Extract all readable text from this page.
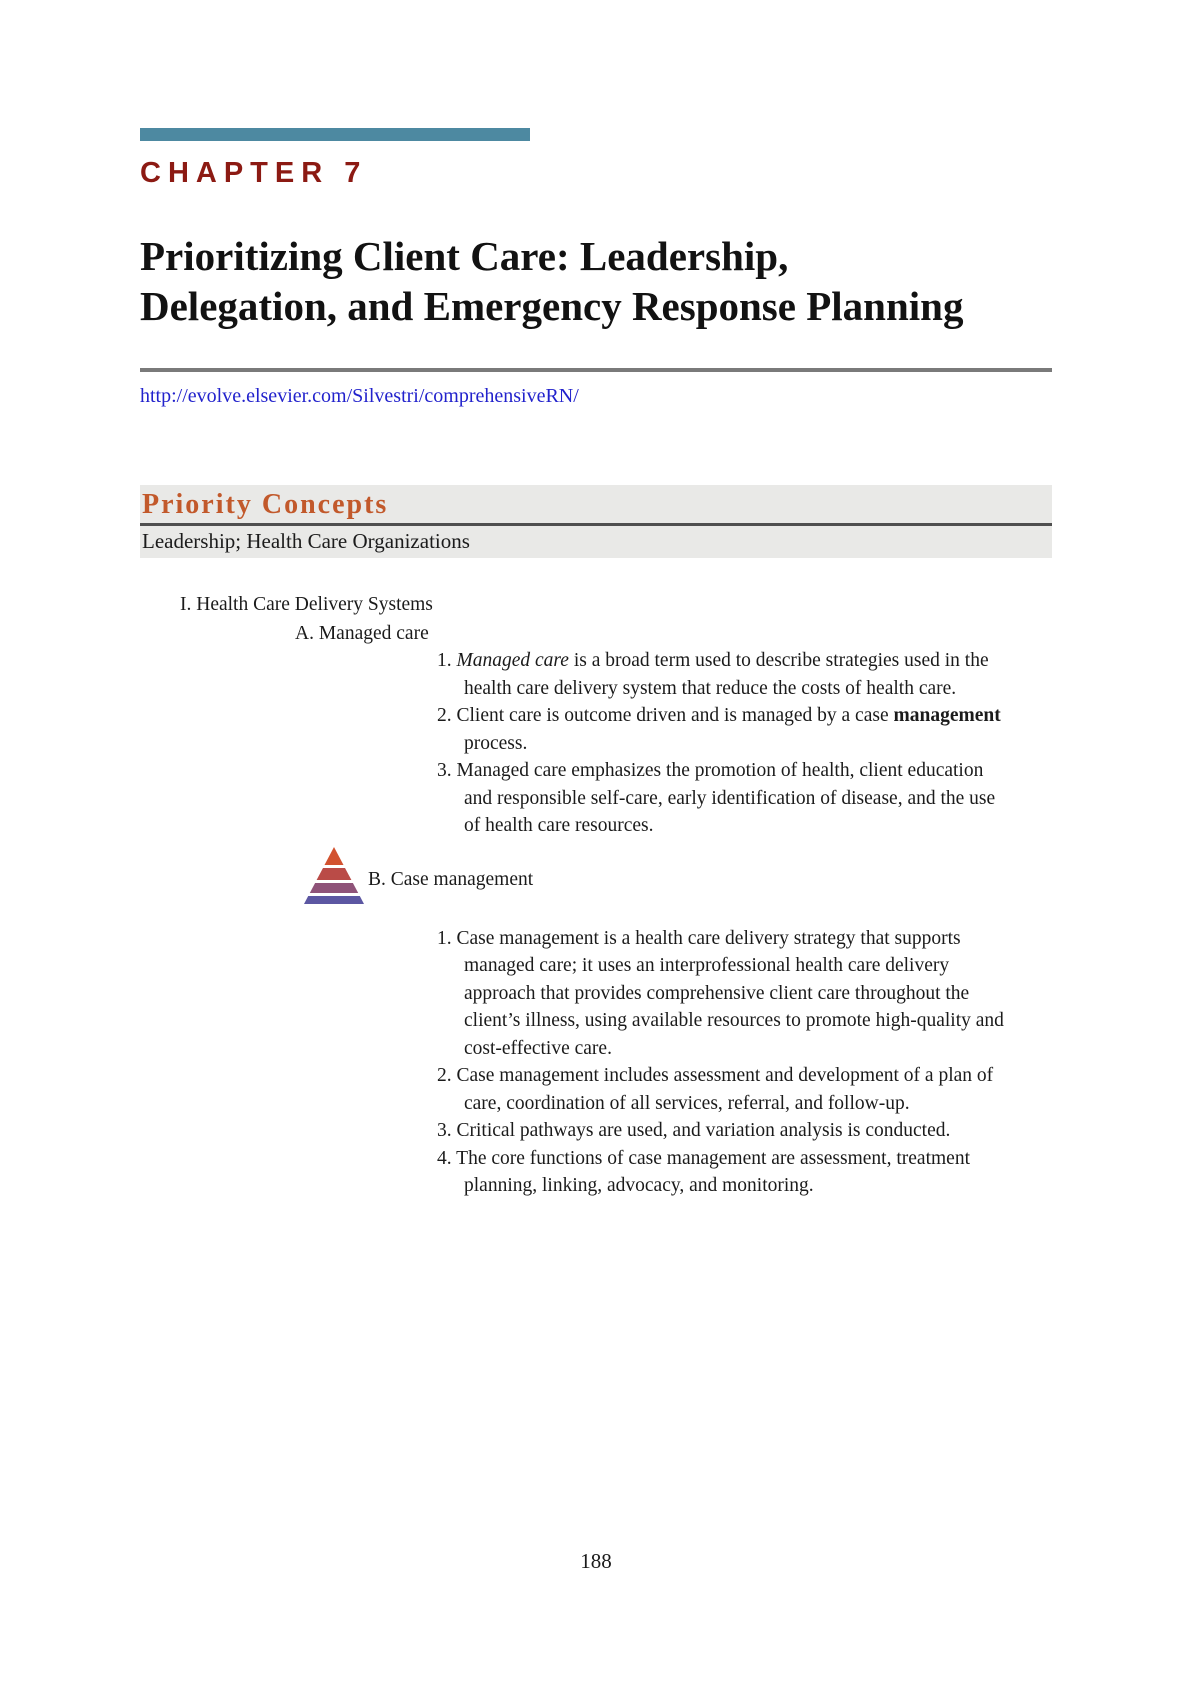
CHAPTER 7
Prioritizing Client Care: Leadership, Delegation, and Emergency Response Planning
http://evolve.elsevier.com/Silvestri/comprehensiveRN/
Priority Concepts
Leadership; Health Care Organizations
I. Health Care Delivery Systems
A. Managed care
1. Managed care is a broad term used to describe strategies used in the health care delivery system that reduce the costs of health care.
2. Client care is outcome driven and is managed by a case management process.
3. Managed care emphasizes the promotion of health, client education and responsible self-care, early identification of disease, and the use of health care resources.
B. Case management
1. Case management is a health care delivery strategy that supports managed care; it uses an interprofessional health care delivery approach that provides comprehensive client care throughout the client’s illness, using available resources to promote high-quality and cost-effective care.
2. Case management includes assessment and development of a plan of care, coordination of all services, referral, and follow-up.
3. Critical pathways are used, and variation analysis is conducted.
4. The core functions of case management are assessment, treatment planning, linking, advocacy, and monitoring.
188
